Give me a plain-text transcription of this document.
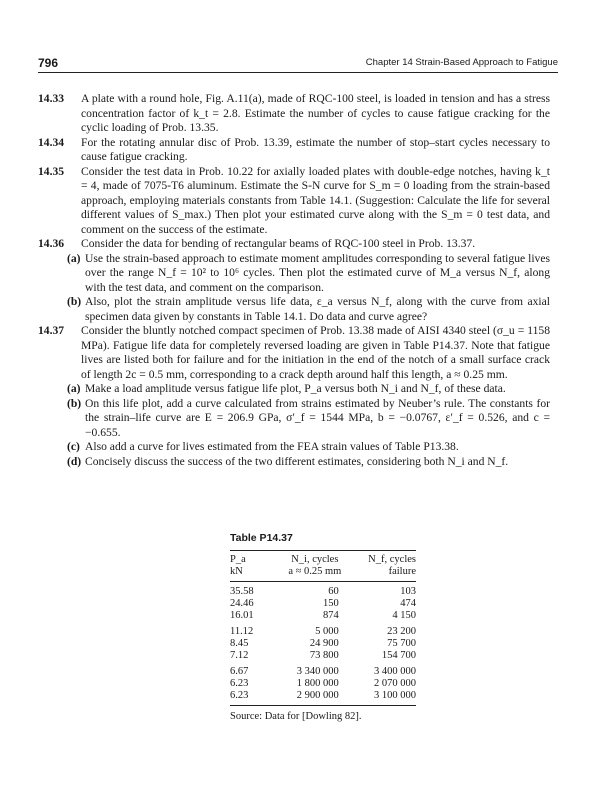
796	Chapter 14 Strain-Based Approach to Fatigue
14.33 A plate with a round hole, Fig. A.11(a), made of RQC-100 steel, is loaded in tension and has a stress concentration factor of k_t = 2.8. Estimate the number of cycles to cause fatigue cracking for the cyclic loading of Prob. 13.35.
14.34 For the rotating annular disc of Prob. 13.39, estimate the number of stop–start cycles necessary to cause fatigue cracking.
14.35 Consider the test data in Prob. 10.22 for axially loaded plates with double-edge notches, having k_t = 4, made of 7075-T6 aluminum. Estimate the S-N curve for S_m = 0 loading from the strain-based approach, employing materials constants from Table 14.1. (Suggestion: Calculate the life for several different values of S_max.) Then plot your estimated curve along with the S_m = 0 test data, and comment on the success of the estimate.
14.36 Consider the data for bending of rectangular beams of RQC-100 steel in Prob. 13.37.
(a) Use the strain-based approach to estimate moment amplitudes corresponding to several fatigue lives over the range N_f = 10² to 10⁶ cycles. Then plot the estimated curve of M_a versus N_f, along with the test data, and comment on the comparison.
(b) Also, plot the strain amplitude versus life data, ε_a versus N_f, along with the curve from axial specimen data given by constants in Table 14.1. Do data and curve agree?
14.37 Consider the bluntly notched compact specimen of Prob. 13.38 made of AISI 4340 steel (σ_u = 1158 MPa). Fatigue life data for completely reversed loading are given in Table P14.37. Note that fatigue lives are listed both for failure and for the initiation in the end of the notch of a small surface crack of length 2c = 0.5 mm, corresponding to a crack depth around half this length, a ≈ 0.25 mm.
(a) Make a load amplitude versus fatigue life plot, P_a versus both N_i and N_f, of these data.
(b) On this life plot, add a curve calculated from strains estimated by Neuber’s rule. The constants for the strain–life curve are E = 206.9 GPa, σ′_f = 1544 MPa, b = −0.0767, ε′_f = 0.526, and c = −0.655.
(c) Also add a curve for lives estimated from the FEA strain values of Table P13.38.
(d) Concisely discuss the success of the two different estimates, considering both N_i and N_f.
Table P14.37
P_a	N_i, cycles	N_f, cycles
kN	a ≈ 0.25 mm	failure
35.58	60	103
24.46	150	474
16.01	874	4 150
11.12	5 000	23 200
8.45	24 900	75 700
7.12	73 800	154 700
6.67	3 340 000	3 400 000
6.23	1 800 000	2 070 000
6.23	2 900 000	3 100 000
Source: Data for [Dowling 82].
